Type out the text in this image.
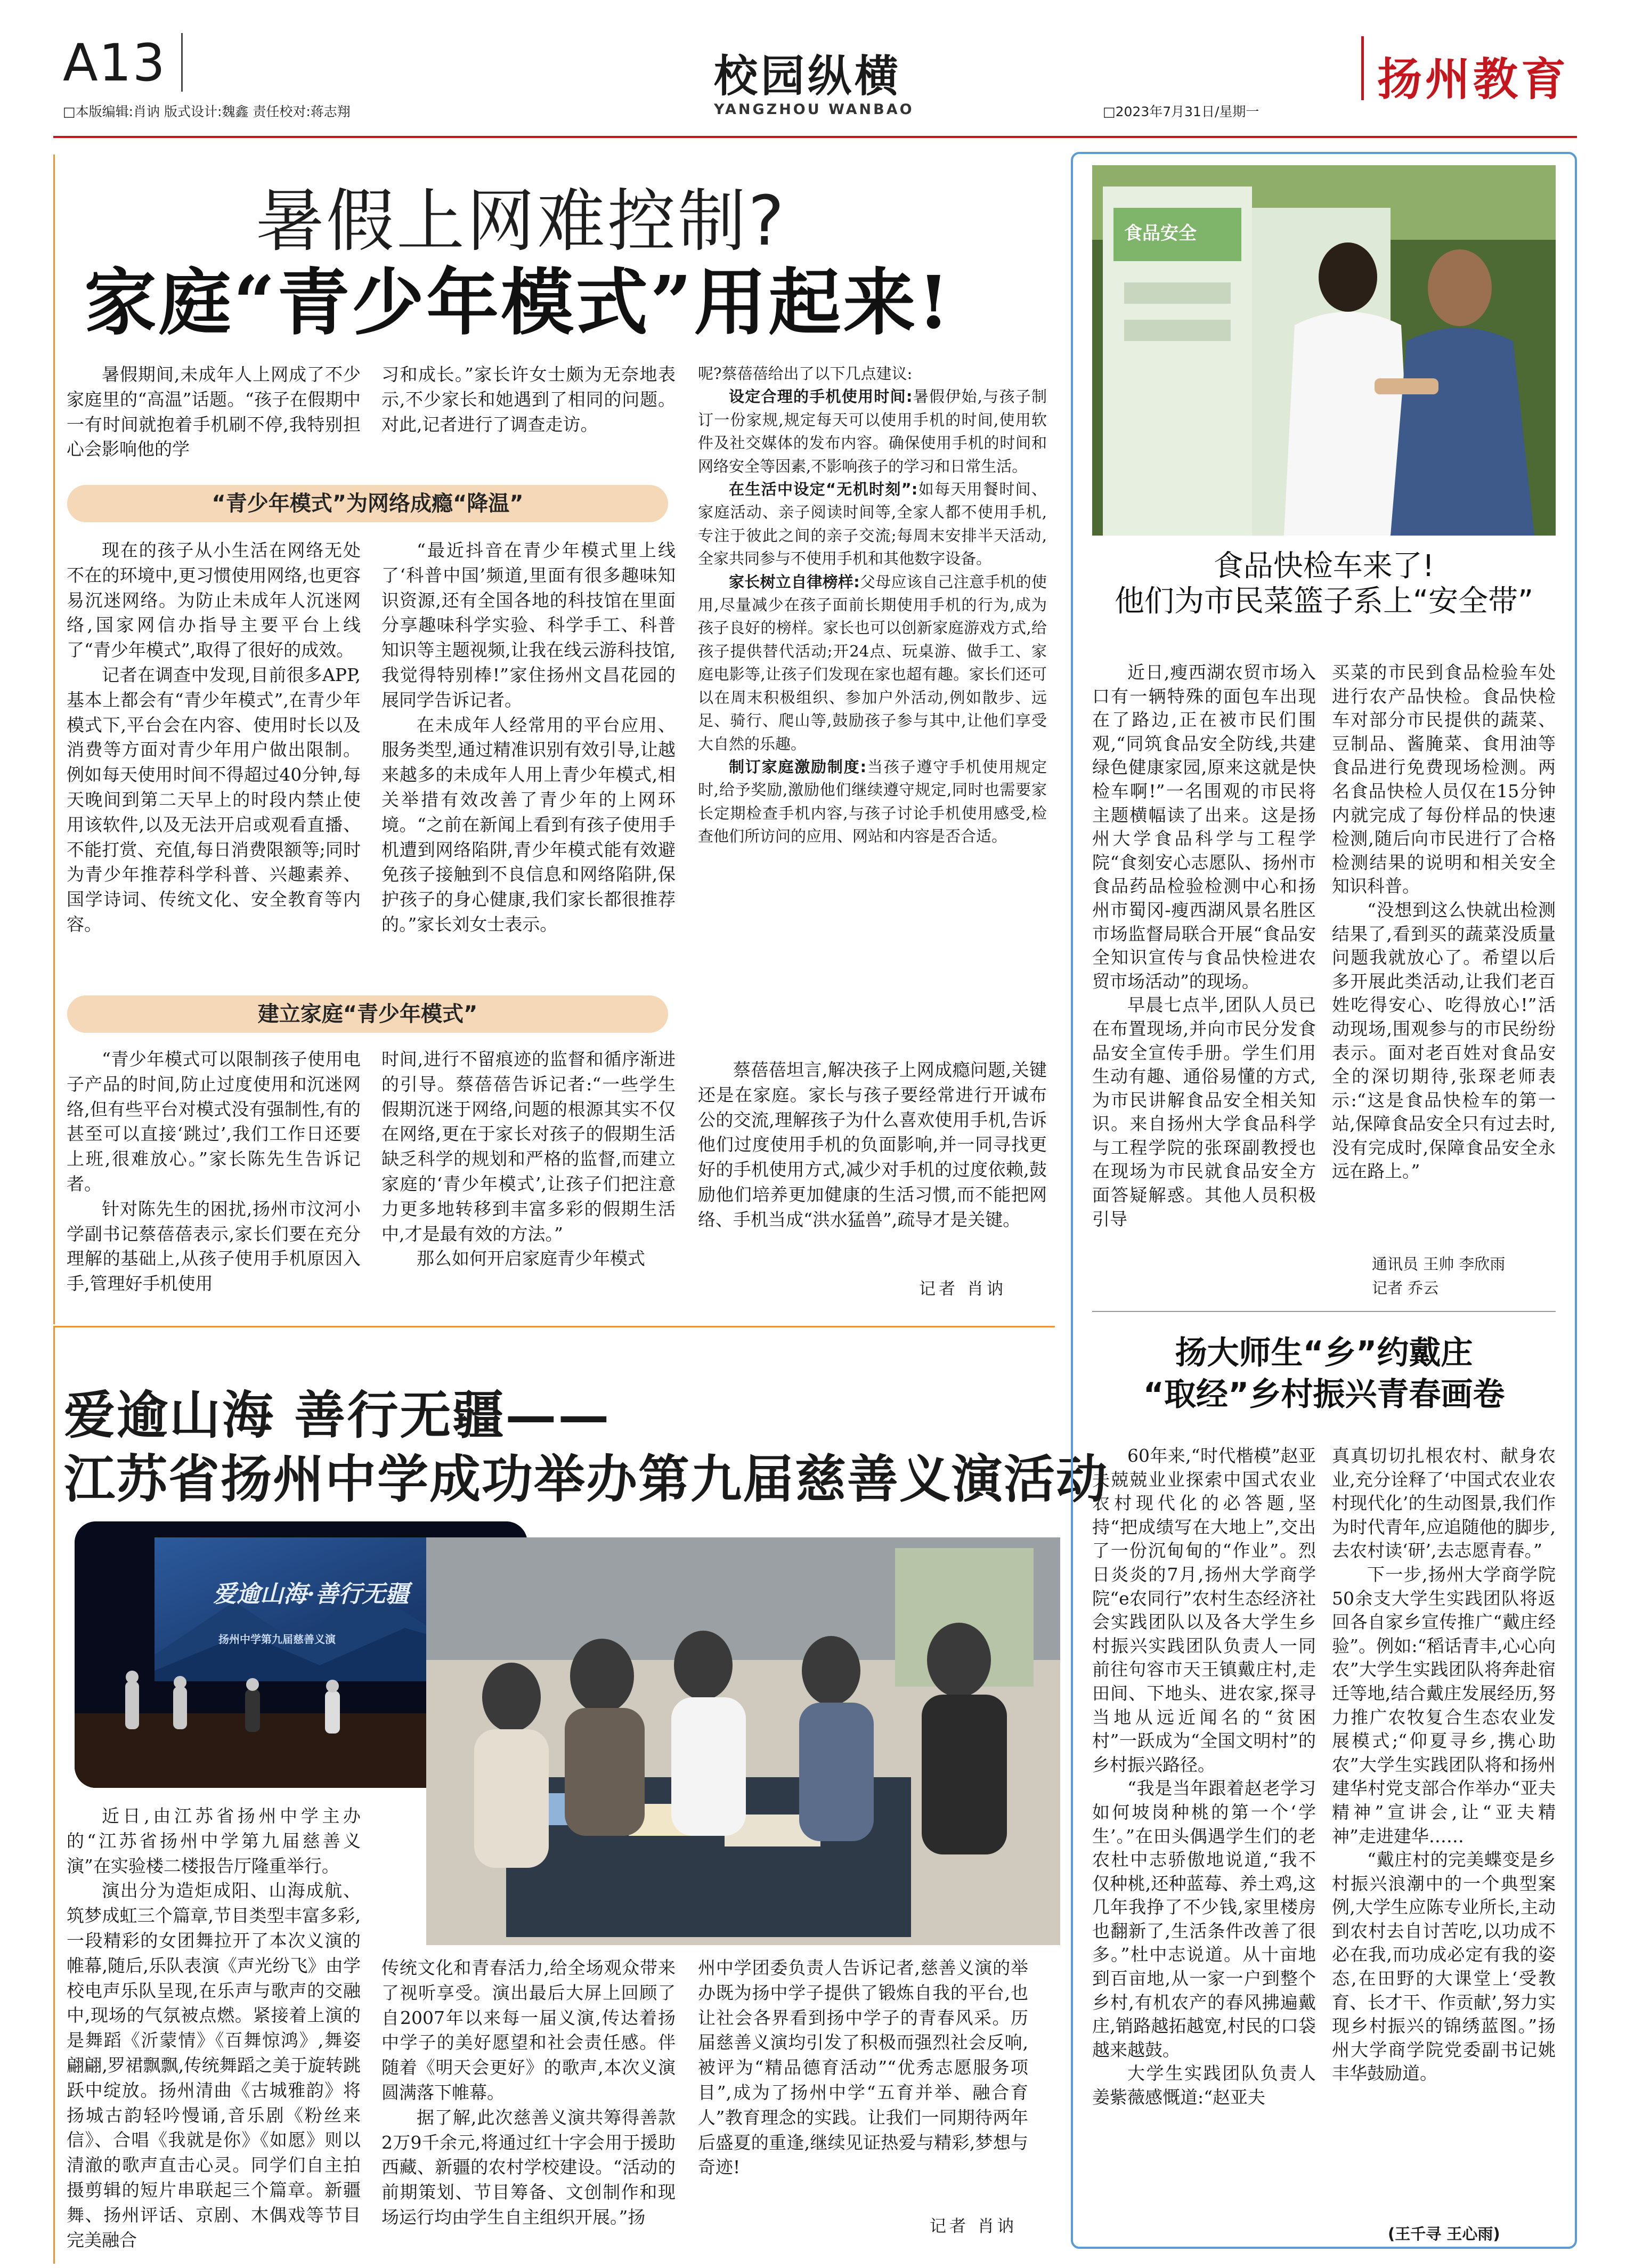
A13
□本版编辑:肖讷 版式设计:魏鑫 责任校对:蒋志翔
校园纵横
YANGZHOU WANBAO	□2023年7月31日/星期一
扬州教育
暑假上网难控制?
家庭“青少年模式”用起来!

暑假期间,未成年人上网成了不少家庭里的“高温”话题。“孩子在假期中一有时间就抱着手机刷不停,我特别担心会影响他的学

习和成长。”家长许女士颇为无奈地表示,不少家长和她遇到了相同的问题。对此,记者进行了调查走访。

“青少年模式”为网络成瘾“降温”

现在的孩子从小生活在网络无处不在的环境中,更习惯使用网络,也更容易沉迷网络。为防止未成年人沉迷网络,国家网信办指导主要平台上线了“青少年模式”,取得了很好的成效。

记者在调查中发现,目前很多APP,基本上都会有“青少年模式”,在青少年模式下,平台会在内容、使用时长以及消费等方面对青少年用户做出限制。例如每天使用时间不得超过40分钟,每天晚间到第二天早上的时段内禁止使用该软件,以及无法开启或观看直播、不能打赏、充值,每日消费限额等;同时为青少年推荐科学科普、兴趣素养、国学诗词、传统文化、安全教育等内容。

“最近抖音在青少年模式里上线了‘科普中国’频道,里面有很多趣味知识资源,还有全国各地的科技馆在里面分享趣味科学实验、科学手工、科普知识等主题视频,让我在线云游科技馆,我觉得特别棒!”家住扬州文昌花园的展同学告诉记者。

在未成年人经常用的平台应用、服务类型,通过精准识别有效引导,让越来越多的未成年人用上青少年模式,相关举措有效改善了青少年的上网环境。“之前在新闻上看到有孩子使用手机遭到网络陷阱,青少年模式能有效避免孩子接触到不良信息和网络陷阱,保护孩子的身心健康,我们家长都很推荐的。”家长刘女士表示。

建立家庭“青少年模式”

“青少年模式可以限制孩子使用电子产品的时间,防止过度使用和沉迷网络,但有些平台对模式没有强制性,有的甚至可以直接‘跳过’,我们工作日还要上班,很难放心。”家长陈先生告诉记者。

针对陈先生的困扰,扬州市汶河小学副书记蔡蓓蓓表示,家长们要在充分理解的基础上,从孩子使用手机原因入手,管理好手机使用

时间,进行不留痕迹的监督和循序渐进的引导。蔡蓓蓓告诉记者:“一些学生假期沉迷于网络,问题的根源其实不仅在网络,更在于家长对孩子的假期生活缺乏科学的规划和严格的监督,而建立家庭的‘青少年模式’,让孩子们把注意力更多地转移到丰富多彩的假期生活中,才是最有效的方法。”

那么如何开启家庭青少年模式

呢?蔡蓓蓓给出了以下几点建议:

设定合理的手机使用时间:暑假伊始,与孩子制订一份家规,规定每天可以使用手机的时间,使用软件及社交媒体的发布内容。确保使用手机的时间和网络安全等因素,不影响孩子的学习和日常生活。

在生活中设定“无机时刻”:如每天用餐时间、家庭活动、亲子阅读时间等,全家人都不使用手机,专注于彼此之间的亲子交流;每周末安排半天活动,全家共同参与不使用手机和其他数字设备。

家长树立自律榜样:父母应该自己注意手机的使用,尽量减少在孩子面前长期使用手机的行为,成为孩子良好的榜样。家长也可以创新家庭游戏方式,给孩子提供替代活动;开24点、玩桌游、做手工、家庭电影等,让孩子们发现在家也超有趣。家长们还可以在周末积极组织、参加户外活动,例如散步、远足、骑行、爬山等,鼓励孩子参与其中,让他们享受大自然的乐趣。

制订家庭激励制度:当孩子遵守手机使用规定时,给予奖励,激励他们继续遵守规定,同时也需要家长定期检查手机内容,与孩子讨论手机使用感受,检查他们所访问的应用、网站和内容是否合适。

蔡蓓蓓坦言,解决孩子上网成瘾问题,关键还是在家庭。家长与孩子要经常进行开诚布公的交流,理解孩子为什么喜欢使用手机,告诉他们过度使用手机的负面影响,并一同寻找更好的手机使用方式,减少对手机的过度依赖,鼓励他们培养更加健康的生活习惯,而不能把网络、手机当成“洪水猛兽”,疏导才是关键。

记者 肖讷
爱逾山海 善行无疆——
江苏省扬州中学成功举办第九届慈善义演活动
爱逾山海·善行无疆
扬州中学第九届慈善义演

近日,由江苏省扬州中学主办的“江苏省扬州中学第九届慈善义演”在实验楼二楼报告厅隆重举行。

演出分为造炬成阳、山海成航、筑梦成虹三个篇章,节目类型丰富多彩,一段精彩的女团舞拉开了本次义演的帷幕,随后,乐队表演《声光纷飞》由学校电声乐队呈现,在乐声与歌声的交融中,现场的气氛被点燃。紧接着上演的是舞蹈《沂蒙情》《百舞惊鸿》,舞姿翩翩,罗裙飘飘,传统舞蹈之美于旋转跳跃中绽放。扬州清曲《古城雅韵》将扬城古韵轻吟慢诵,音乐剧《粉丝来信》、合唱《我就是你》《如愿》则以清澈的歌声直击心灵。同学们自主拍摄剪辑的短片串联起三个篇章。新疆舞、扬州评话、京剧、木偶戏等节目完美融合

传统文化和青春活力,给全场观众带来了视听享受。演出最后大屏上回顾了自2007年以来每一届义演,传达着扬中学子的美好愿望和社会责任感。伴随着《明天会更好》的歌声,本次义演圆满落下帷幕。

据了解,此次慈善义演共筹得善款2万9千余元,将通过红十字会用于援助西藏、新疆的农村学校建设。“活动的前期策划、节目筹备、文创制作和现场运行均由学生自主组织开展。”扬

州中学团委负责人告诉记者,慈善义演的举办既为扬中学子提供了锻炼自我的平台,也让社会各界看到扬中学子的青春风采。历届慈善义演均引发了积极而强烈社会反响,被评为“精品德育活动”“优秀志愿服务项目”,成为了扬州中学“五育并举、融合育人”教育理念的实践。让我们一同期待两年后盛夏的重逢,继续见证热爱与精彩,梦想与奇迹!

记者 肖讷
食品安全
食品快检车来了!
他们为市民菜篮子系上“安全带”

近日,瘦西湖农贸市场入口有一辆特殊的面包车出现在了路边,正在被市民们围观,“同筑食品安全防线,共建绿色健康家园,原来这就是快检车啊!”一名围观的市民将主题横幅读了出来。这是扬州大学食品科学与工程学院“食刻安心志愿队、扬州市食品药品检验检测中心和扬州市蜀冈-瘦西湖风景名胜区市场监督局联合开展“食品安全知识宣传与食品快检进农贸市场活动”的现场。

早晨七点半,团队人员已在布置现场,并向市民分发食品安全宣传手册。学生们用生动有趣、通俗易懂的方式,为市民讲解食品安全相关知识。来自扬州大学食品科学与工程学院的张琛副教授也在现场为市民就食品安全方面答疑解惑。其他人员积极引导

买菜的市民到食品检验车处进行农产品快检。食品快检车对部分市民提供的蔬菜、豆制品、酱腌菜、食用油等食品进行免费现场检测。两名食品快检人员仅在15分钟内就完成了每份样品的快速检测,随后向市民进行了合格检测结果的说明和相关安全知识科普。

“没想到这么快就出检测结果了,看到买的蔬菜没质量问题我就放心了。希望以后多开展此类活动,让我们老百姓吃得安心、吃得放心!”活动现场,围观参与的市民纷纷表示。面对老百姓对食品安全的深切期待,张琛老师表示:“这是食品快检车的第一站,保障食品安全只有过去时,没有完成时,保障食品安全永远在路上。”

通讯员 王帅 李欣雨
记者 乔云
扬大师生“乡”约戴庄
“取经”乡村振兴青春画卷

60年来,“时代楷模”赵亚夫兢兢业业探索中国式农业农村现代化的必答题,坚持“把成绩写在大地上”,交出了一份沉甸甸的“作业”。烈日炎炎的7月,扬州大学商学院“e农同行”农村生态经济社会实践团队以及各大学生乡村振兴实践团队负责人一同前往句容市天王镇戴庄村,走田间、下地头、进农家,探寻当地从远近闻名的“贫困村”一跃成为“全国文明村”的乡村振兴路径。

“我是当年跟着赵老学习如何坡岗种桃的第一个‘学生’。”在田头偶遇学生们的老农杜中志骄傲地说道,“我不仅种桃,还种蓝莓、养土鸡,这几年我挣了不少钱,家里楼房也翻新了,生活条件改善了很多。”杜中志说道。从十亩地到百亩地,从一家一户到整个乡村,有机农产的春风拂遍戴庄,销路越拓越宽,村民的口袋越来越鼓。

大学生实践团队负责人姜紫薇感慨道:“赵亚夫

真真切切扎根农村、献身农业,充分诠释了‘中国式农业农村现代化’的生动图景,我们作为时代青年,应追随他的脚步,去农村读‘研’,去志愿青春。”

下一步,扬州大学商学院50余支大学生实践团队将返回各自家乡宣传推广“戴庄经验”。例如:“稻话青丰,心心向农”大学生实践团队将奔赴宿迁等地,结合戴庄发展经历,努力推广农牧复合生态农业发展模式;“仰夏寻乡,携心助农”大学生实践团队将和扬州建华村党支部合作举办“亚夫精神”宣讲会,让“亚夫精神”走进建华……

“戴庄村的完美蝶变是乡村振兴浪潮中的一个典型案例,大学生应陈专业所长,主动到农村去自讨苦吃,以功成不必在我,而功成必定有我的姿态,在田野的大课堂上‘受教育、长才干、作贡献’,努力实现乡村振兴的锦绣蓝图。”扬州大学商学院党委副书记姚丰华鼓励道。

(王千寻 王心雨)
